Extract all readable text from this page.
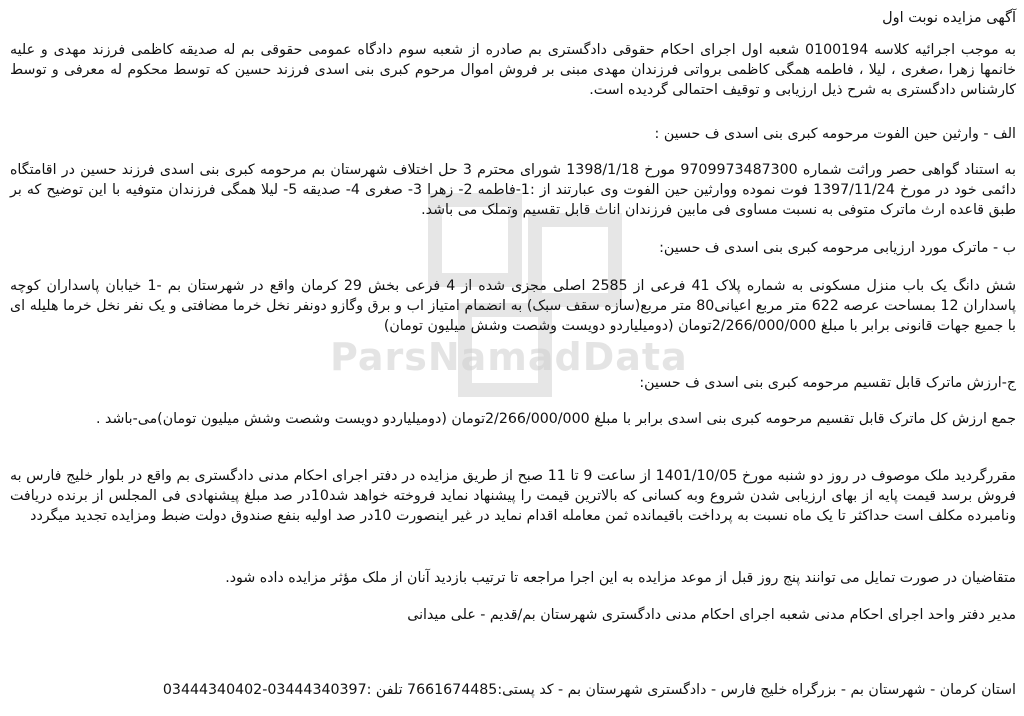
ParsNamadData

آگهی مزایده نوبت اول

به موجب اجرائیه کلاسه 0100194 شعبه اول اجرای احکام حقوقی دادگستری بم صادره از شعبه سوم دادگاه عمومی حقوقی بم له صدیقه کاظمی فرزند مهدی و علیه خانمها زهرا ،صغری ، لیلا ، فاطمه همگی کاظمی برواتی فرزندان مهدی مبنی بر فروش اموال مرحوم کبری بنی اسدی فرزند حسین که توسط محکوم له معرفی و توسط کارشناس دادگستری به شرح ذیل ارزیابی و توقیف احتمالی گردیده است.

الف - وارثین حین الفوت مرحومه کبری بنی اسدی ف حسین :

به استناد گواهی حصر وراثت شماره 9709973487300 مورخ 1398/1/18 شورای محترم 3 حل اختلاف شهرستان بم مرحومه کبری بنی اسدی فرزند حسین در اقامتگاه دائمی خود در مورخ 1397/11/24 فوت نموده ووارثین حین الفوت وی عبارتند از :1-فاطمه 2- زهرا 3- صغری 4- صدیقه 5- لیلا همگی فرزندان متوفیه با این توضیح که بر طبق قاعده ارث ماترک متوفی به نسبت مساوی فی مابین فرزندان اناث قابل تقسیم وتملک می باشد.

ب - ماترک مورد ارزیابی مرحومه کبری بنی اسدی ف حسین:

شش دانگ یک باب منزل مسکونی به شماره پلاک 41 فرعی از 2585 اصلی مجزی شده از 4 فرعی بخش 29 کرمان واقع در شهرستان بم -1 خیابان پاسداران کوچه پاسداران 12 بمساحت عرصه 622 متر مربع اعیانی80 متر مربع(سازه سقف سبک) به انضمام امتیاز اب و برق وگازو دونفر نخل خرما مضافتی و یک نفر نخل خرما هلیله ای با جمیع جهات قانونی برابر با مبلغ 2/266/000/000تومان (دومیلیاردو دویست وشصت وشش میلیون تومان)

ج-ارزش ماترک قابل تقسیم مرحومه کبری بنی اسدی ف حسین:

جمع ارزش کل ماترک قابل تقسیم مرحومه کبری بنی اسدی برابر با مبلغ 2/266/000/000تومان (دومیلیاردو دویست وشصت وشش میلیون تومان)می-باشد .

مقررگردید ملک موصوف در روز دو شنبه مورخ 1401/10/05 از ساعت 9 تا 11 صبح از طریق مزایده در دفتر اجرای احکام مدنی دادگستری بم واقع در بلوار خلیج فارس به فروش برسد قیمت پایه از بهای ارزیابی شدن شروع وبه کسانی که بالاترین قیمت را پیشنهاد نماید فروخته خواهد شد10در صد مبلغ پیشنهادی فی المجلس از برنده دریافت ونامبرده مکلف است حداکثر تا یک ماه نسبت به پرداخت باقیمانده ثمن معامله اقدام نماید در غیر اینصورت 10در صد اولیه بنفع صندوق دولت ضبط ومزایده تجدید میگردد

متقاضیان در صورت تمایل می توانند پنج روز قبل از موعد مزایده به این اجرا مراجعه تا ترتیب بازدید آنان از ملک مؤثر مزایده داده شود.

مدیر دفتر واحد اجرای احکام مدنی شعبه اجرای احکام مدنی دادگستری شهرستان بم/قدیم - علی میدانی

استان کرمان - شهرستان بم - بزرگراه خلیج فارس - دادگستری شهرستان بم - کد پستی:7661674485 تلفن :03444340397-03444340402
